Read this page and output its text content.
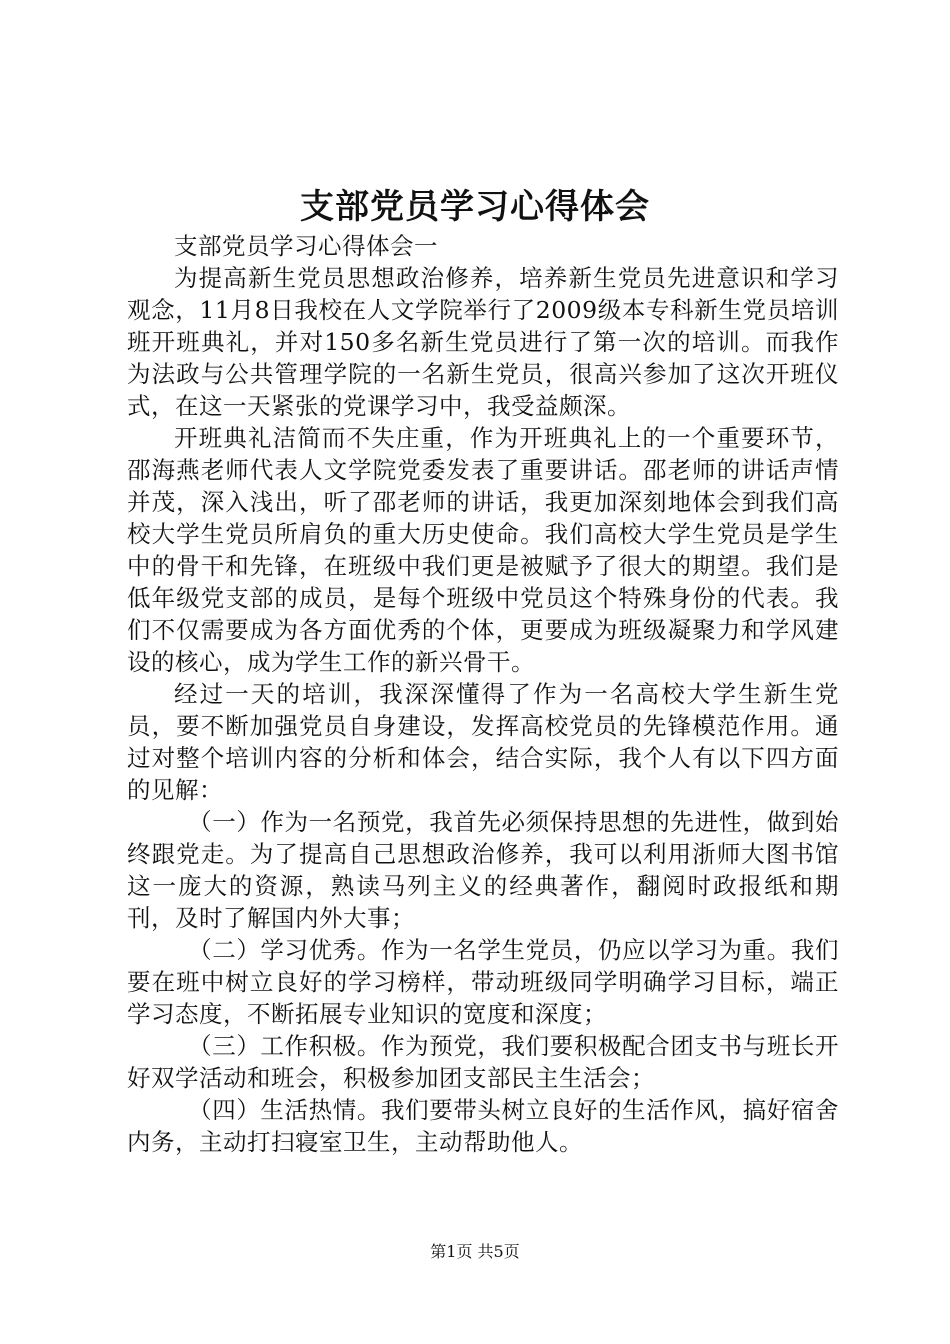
支部党员学习心得体会

支部党员学习心得体会一

为提高新生党员思想政治修养，培养新生党员先进意识和学习观念，11月8日我校在人文学院举行了2009级本专科新生党员培训班开班典礼，并对150多名新生党员进行了第一次的培训。而我作为法政与公共管理学院的一名新生党员，很高兴参加了这次开班仪式，在这一天紧张的党课学习中，我受益颇深。

开班典礼洁简而不失庄重，作为开班典礼上的一个重要环节，邵海燕老师代表人文学院党委发表了重要讲话。邵老师的讲话声情并茂，深入浅出，听了邵老师的讲话，我更加深刻地体会到我们高校大学生党员所肩负的重大历史使命。我们高校大学生党员是学生中的骨干和先锋，在班级中我们更是被赋予了很大的期望。我们是低年级党支部的成员，是每个班级中党员这个特殊身份的代表。我们不仅需要成为各方面优秀的个体，更要成为班级凝聚力和学风建设的核心，成为学生工作的新兴骨干。

经过一天的培训，我深深懂得了作为一名高校大学生新生党员，要不断加强党员自身建设，发挥高校党员的先锋模范作用。通过对整个培训内容的分析和体会，结合实际，我个人有以下四方面的见解：

（一）作为一名预党，我首先必须保持思想的先进性，做到始终跟党走。为了提高自己思想政治修养，我可以利用浙师大图书馆这一庞大的资源，熟读马列主义的经典著作，翻阅时政报纸和期刊，及时了解国内外大事；

（二）学习优秀。作为一名学生党员，仍应以学习为重。我们要在班中树立良好的学习榜样，带动班级同学明确学习目标，端正学习态度，不断拓展专业知识的宽度和深度；

（三）工作积极。作为预党，我们要积极配合团支书与班长开好双学活动和班会，积极参加团支部民主生活会；

（四）生活热情。我们要带头树立良好的生活作风，搞好宿舍内务，主动打扫寝室卫生，主动帮助他人。

第1页 共5页
